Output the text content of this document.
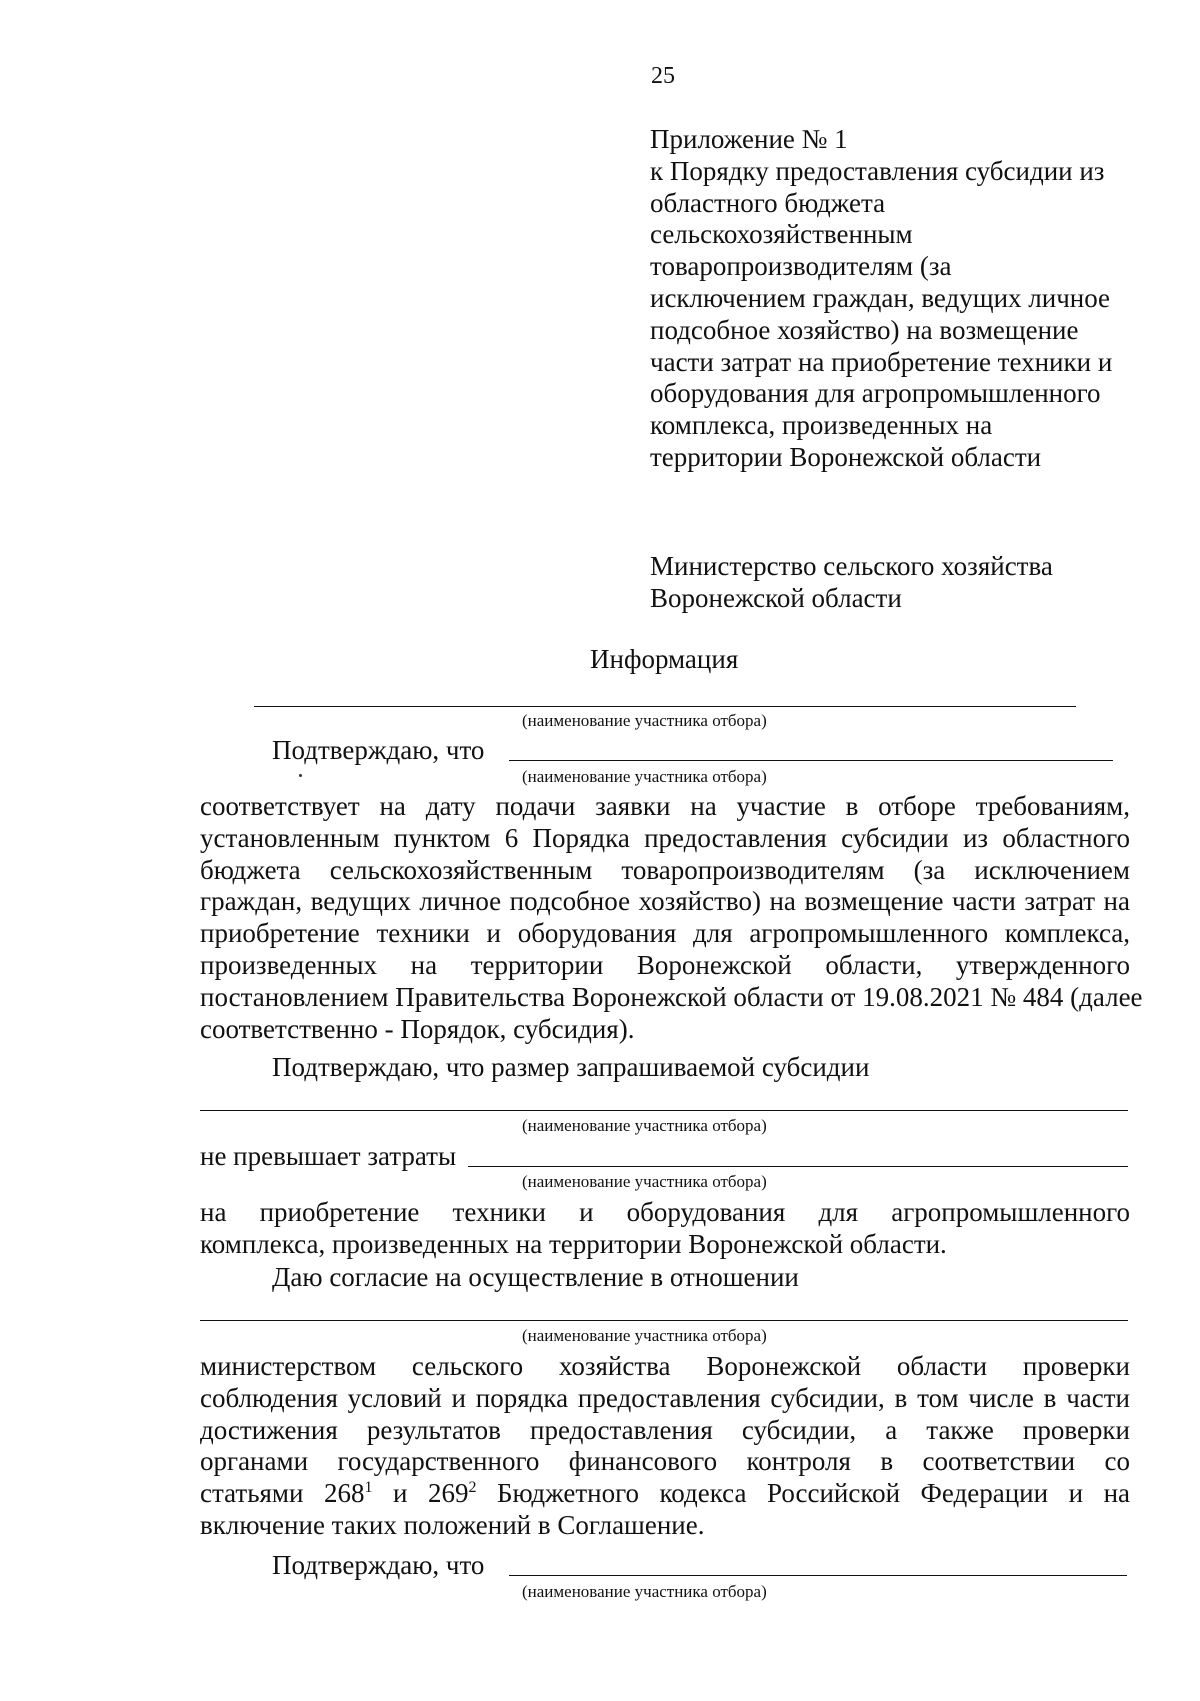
25
Приложение № 1
к Порядку предоставления субсидии из
областного бюджета
сельскохозяйственным
товаропроизводителям (за
исключением граждан, ведущих личное
подсобное хозяйство) на возмещение
части затрат на приобретение техники и
оборудования для агропромышленного
комплекса, произведенных на
территории Воронежской области
Министерство сельского хозяйства
Воронежской области
Информация
(наименование участника отбора)
Подтверждаю, что
(наименование участника отбора)
соответствует на дату подачи заявки на участие в отборе требованиям,
установленным пунктом 6 Порядка предоставления субсидии из областного
бюджета сельскохозяйственным товаропроизводителям (за исключением
граждан, ведущих личное подсобное хозяйство) на возмещение части затрат на
приобретение техники и оборудования для агропромышленного комплекса,
произведенных на территории Воронежской области, утвержденного
постановлением Правительства Воронежской области от 19.08.2021 № 484 (далее
соответственно - Порядок, субсидия).
Подтверждаю, что размер запрашиваемой субсидии
(наименование участника отбора)
не превышает затраты
(наименование участника отбора)
на приобретение техники и оборудования для агропромышленного
комплекса, произведенных на территории Воронежской области.
Даю согласие на осуществление в отношении
(наименование участника отбора)
министерством сельского хозяйства Воронежской области проверки
соблюдения условий и порядка предоставления субсидии, в том числе в части
достижения результатов предоставления субсидии, а также проверки
органами государственного финансового контроля в соответствии со
статьями $268^1$ и $269^2$ Бюджетного кодекса Российской Федерации и на
включение таких положений в Соглашение.
Подтверждаю, что
(наименование участника отбора)
